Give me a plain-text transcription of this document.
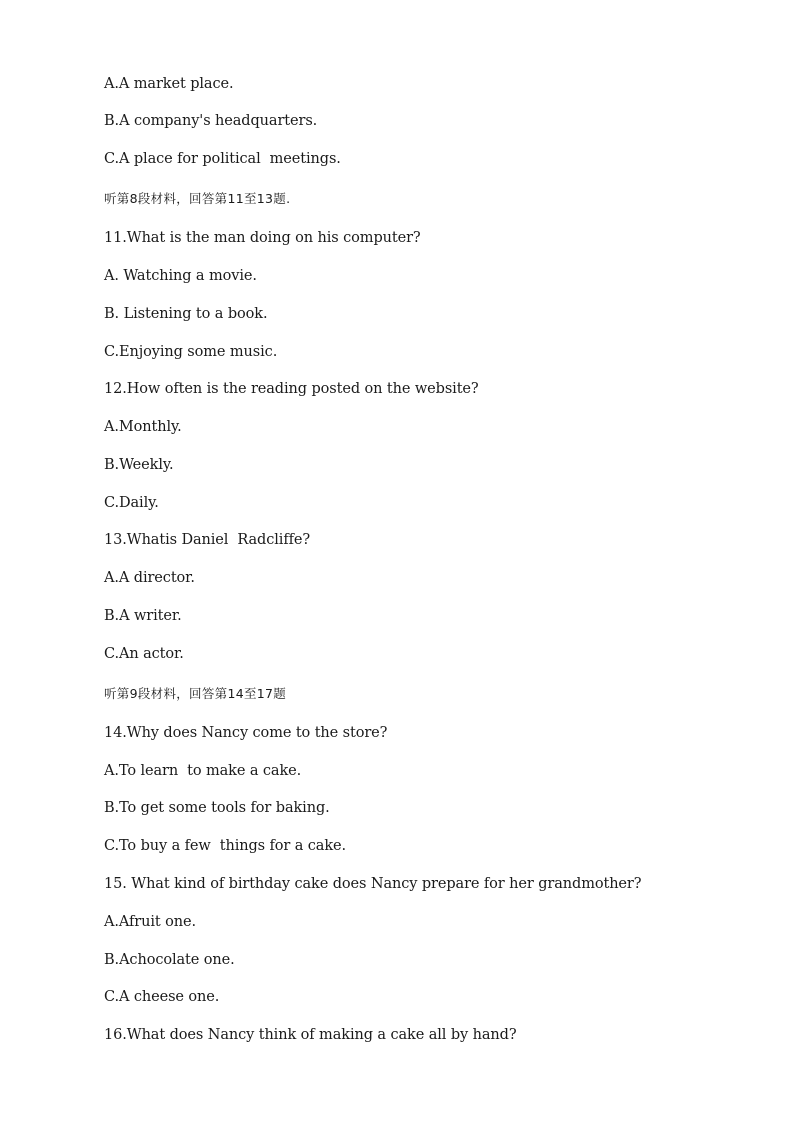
A.A market place.
B.A company's headquarters.
C.A place for political  meetings.
听第8段材料，回答第11至13题.
11.What is the man doing on his computer?
A. Watching a movie.
B. Listening to a book.
C.Enjoying some music.
12.How often is the reading posted on the website?
A.Monthly.
B.Weekly.
C.Daily.
13.Whatis Daniel  Radcliffe?
A.A director.
B.A writer.
C.An actor.
听第9段材料，回答第14至17题
14.Why does Nancy come to the store?
A.To learn  to make a cake.
B.To get some tools for baking.
C.To buy a few  things for a cake.
15. What kind of birthday cake does Nancy prepare for her grandmother?
A.Afruit one.
B.Achocolate one.
C.A cheese one.
16.What does Nancy think of making a cake all by hand?
